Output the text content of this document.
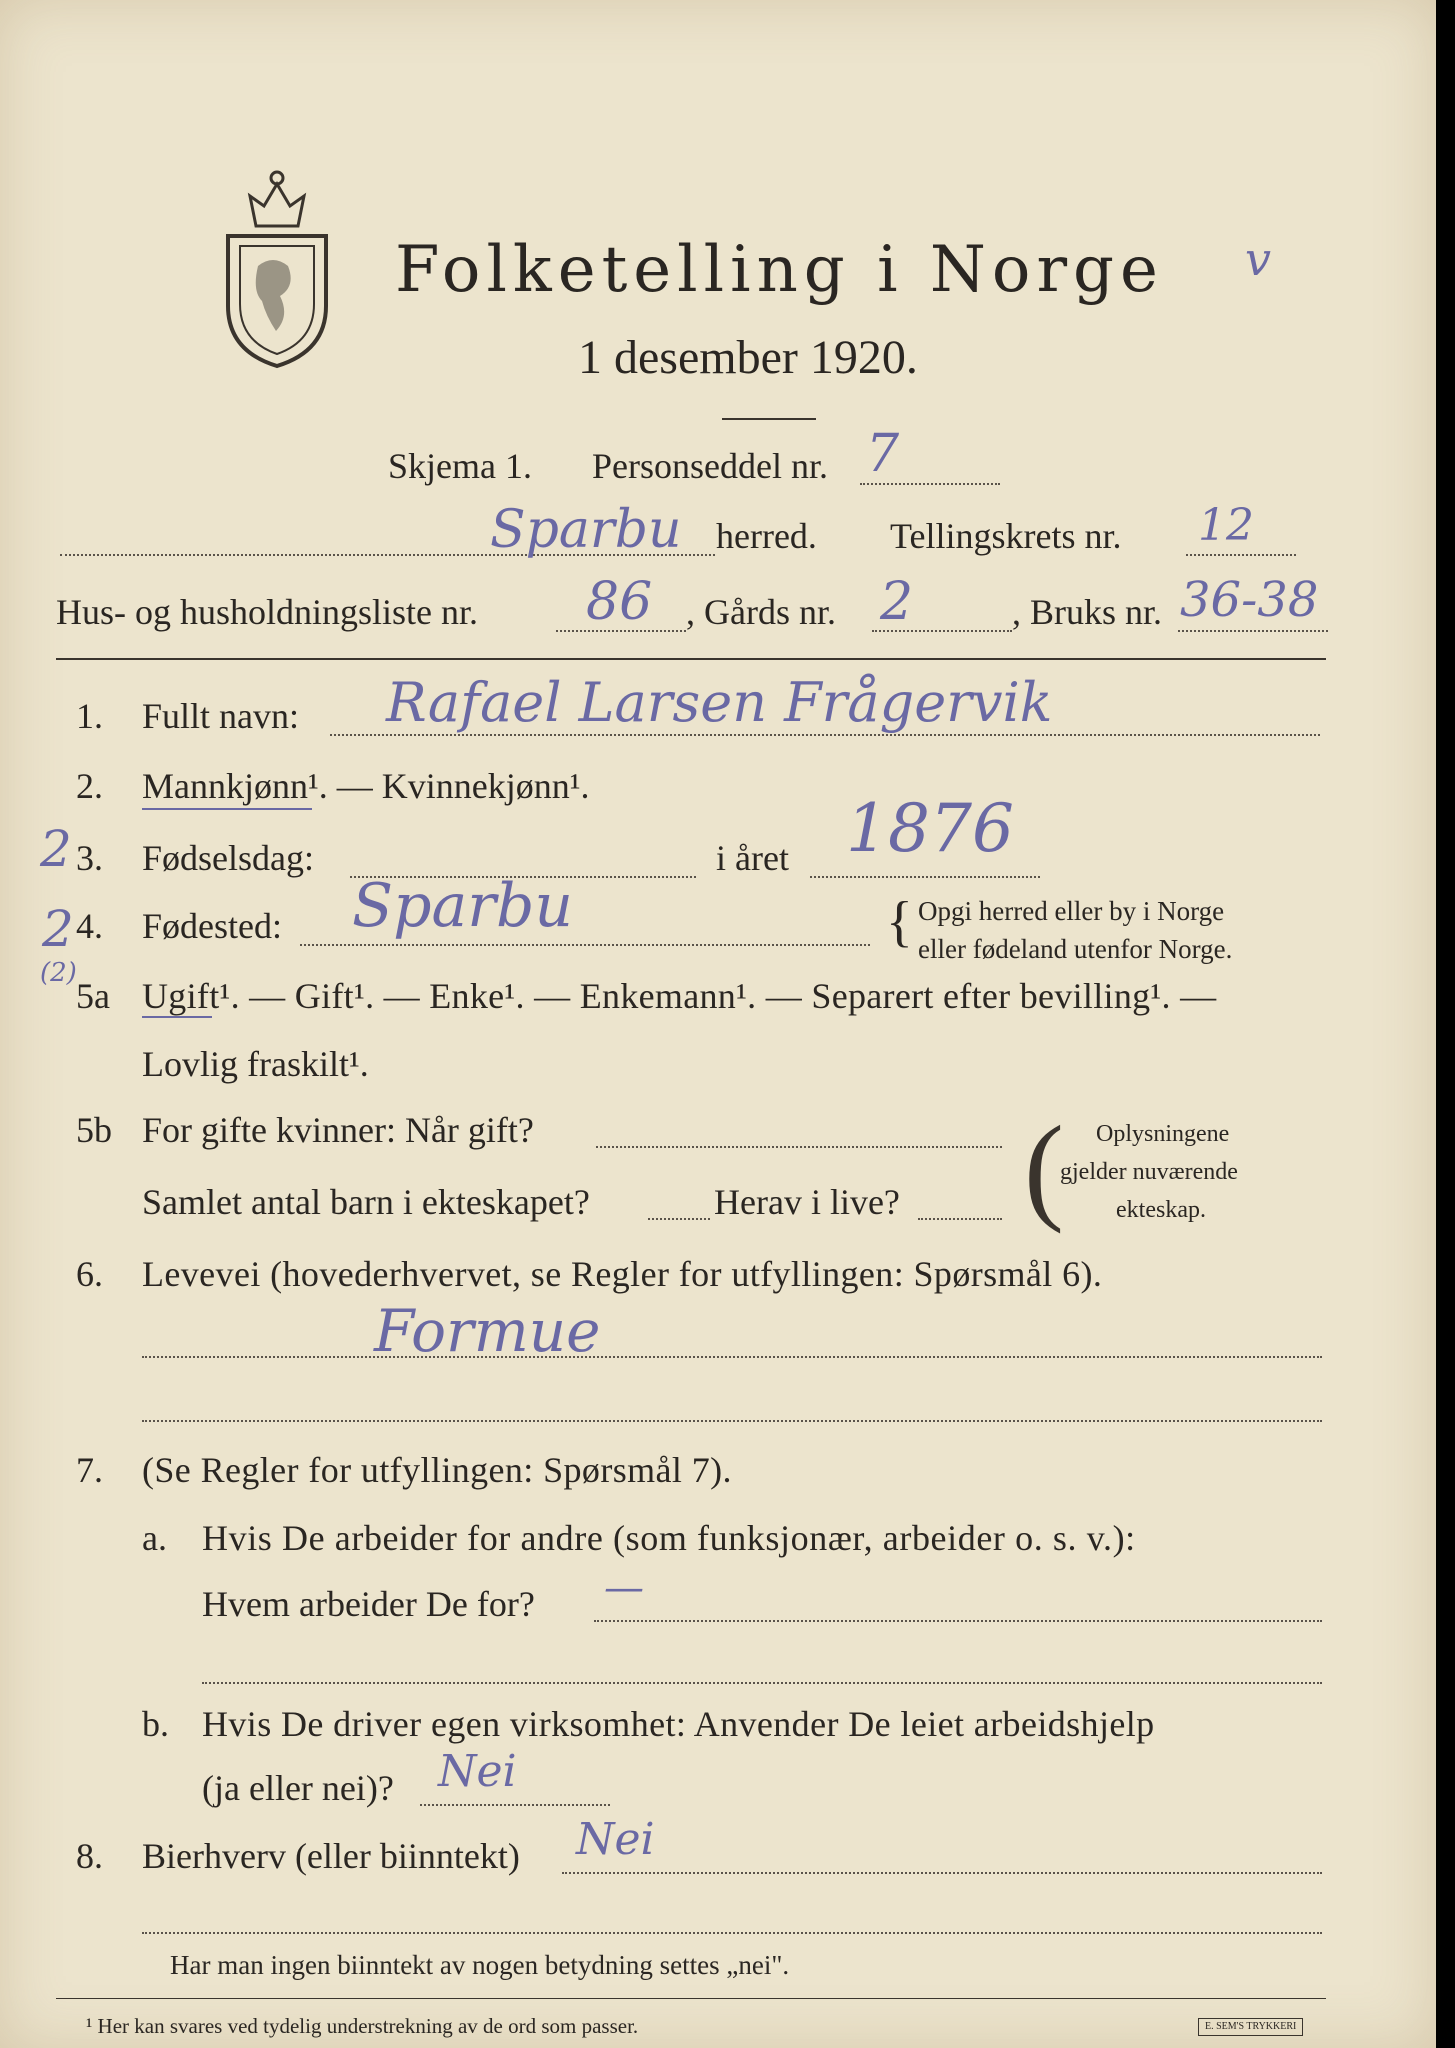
Folketelling i Norge v
1 desember 1920.
Skjema 1. Personseddel nr. 7
Sparbu herred. Tellingskrets nr. 12
Hus- og husholdningsliste nr. 86 , Gårds nr. 2	, Bruks nr. 36-38
2
2
(2)
1. Fullt navn: Rafael Larsen Frågervik
2. Mannkjønn¹. — Kvinnekjønn¹.
3. Fødselsdag:	i året 1876
4. Fødested: Sparbu	{ Opgi herred eller by i Norge
eller fødeland utenfor Norge.
5a Ugift¹. — Gift¹. — Enke¹. — Enkemann¹. — Separert efter bevilling¹. —
Lovlig fraskilt¹.
5b For gifte kvinner: Når gift?
Samlet antal barn i ekteskapet?	Herav i live? ( Oplysningene
gjelder nuværende
ekteskap.
6. Levevei (hovederhvervet, se Regler for utfyllingen: Spørsmål 6).
Formue
7. (Se Regler for utfyllingen: Spørsmål 7).
a. Hvis De arbeider for andre (som funksjonær, arbeider o. s. v.):
Hvem arbeider De for? —
b. Hvis De driver egen virksomhet: Anvender De leiet arbeidshjelp
(ja eller nei)? Nei
8. Bierhverv (eller biinntekt) Nei
Har man ingen biinntekt av nogen betydning settes „nei".
¹ Her kan svares ved tydelig understrekning av de ord som passer.	E. SEM'S TRYKKERI
